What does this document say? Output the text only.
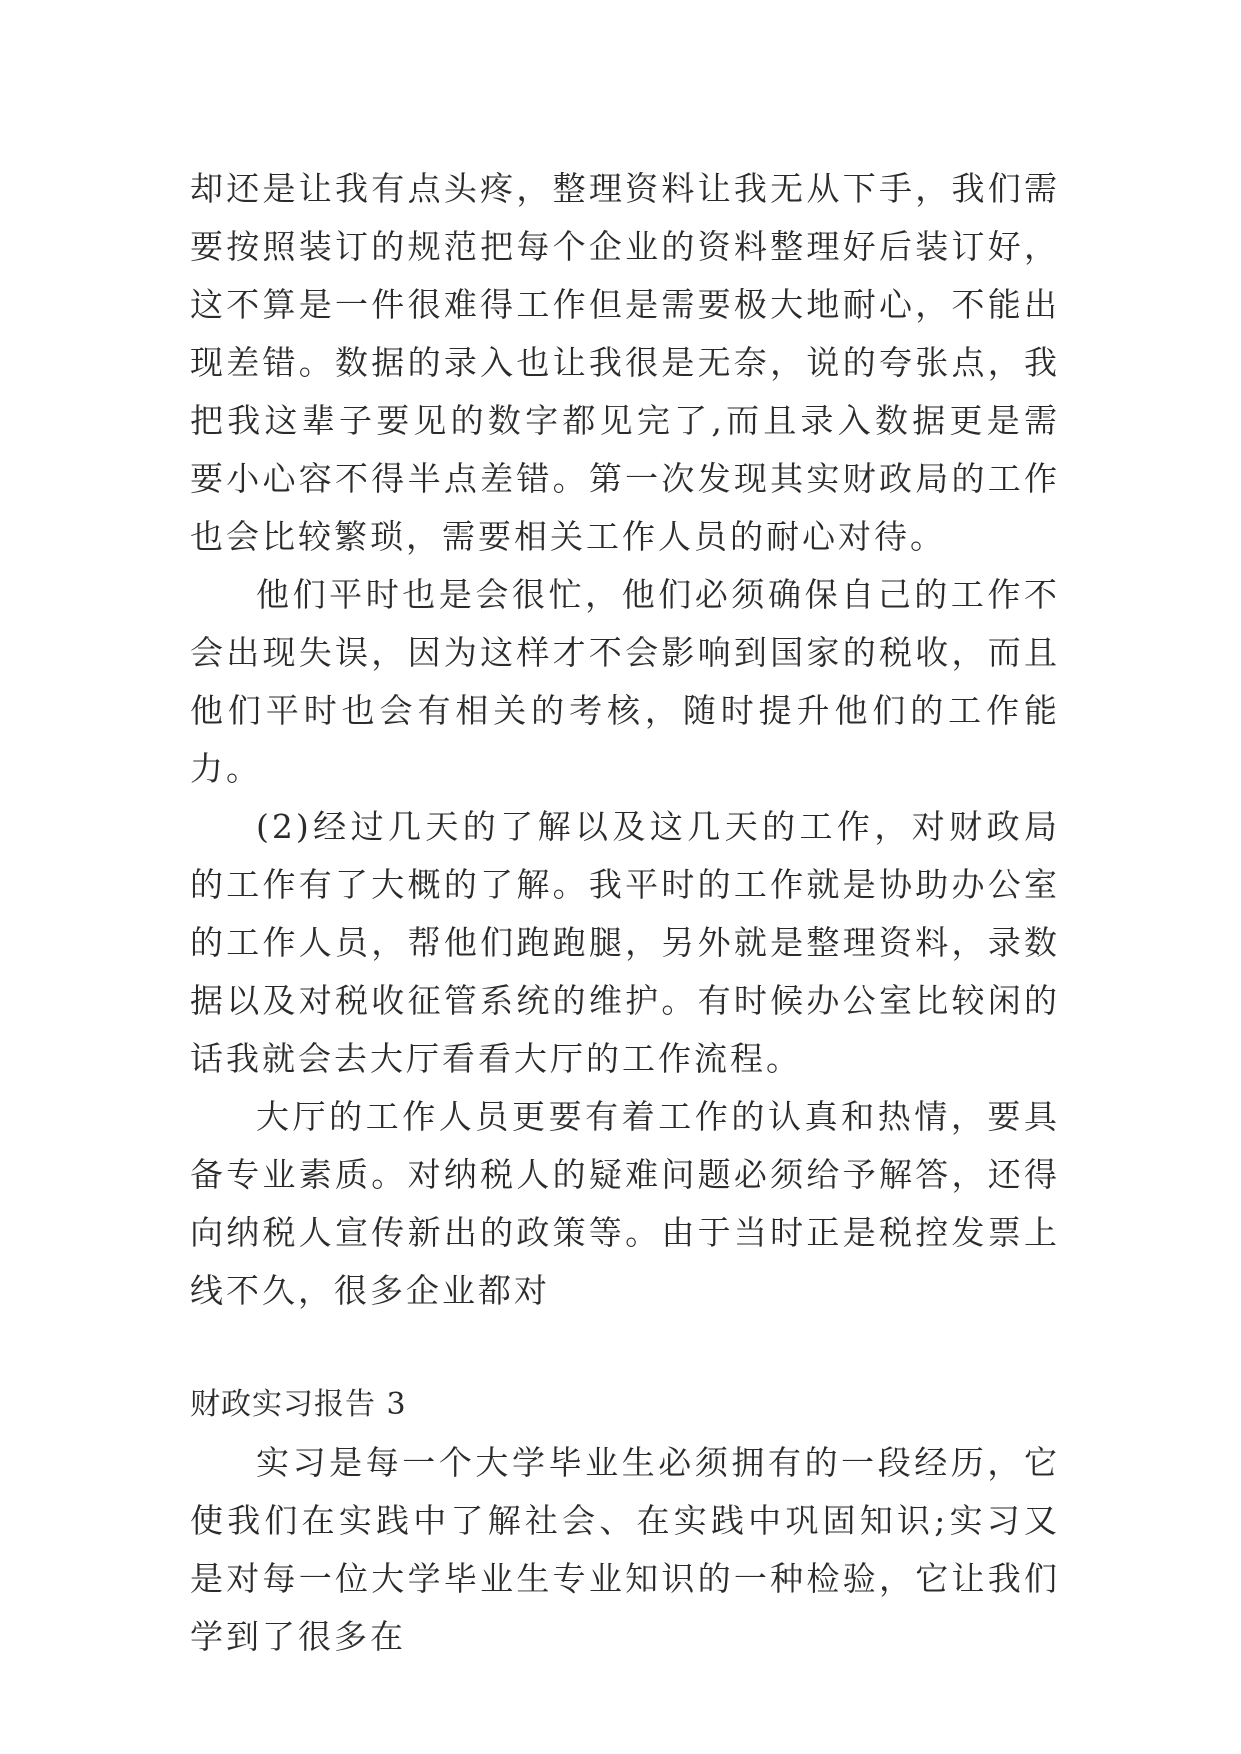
却还是让我有点头疼，整理资料让我无从下手，我们需要按照装订的规范把每个企业的资料整理好后装订好，这不算是一件很难得工作但是需要极大地耐心，不能出现差错。数据的录入也让我很是无奈，说的夸张点，我把我这辈子要见的数字都见完了,而且录入数据更是需要小心容不得半点差错。第一次发现其实财政局的工作也会比较繁琐，需要相关工作人员的耐心对待。

他们平时也是会很忙，他们必须确保自己的工作不会出现失误，因为这样才不会影响到国家的税收，而且他们平时也会有相关的考核，随时提升他们的工作能力。

(2)经过几天的了解以及这几天的工作，对财政局的工作有了大概的了解。我平时的工作就是协助办公室的工作人员，帮他们跑跑腿，另外就是整理资料，录数据以及对税收征管系统的维护。有时候办公室比较闲的话我就会去大厅看看大厅的工作流程。

大厅的工作人员更要有着工作的认真和热情，要具备专业素质。对纳税人的疑难问题必须给予解答，还得向纳税人宣传新出的政策等。由于当时正是税控发票上线不久，很多企业都对

财政实习报告 3

实习是每一个大学毕业生必须拥有的一段经历，它使我们在实践中了解社会、在实践中巩固知识;实习又是对每一位大学毕业生专业知识的一种检验，它让我们学到了很多在
